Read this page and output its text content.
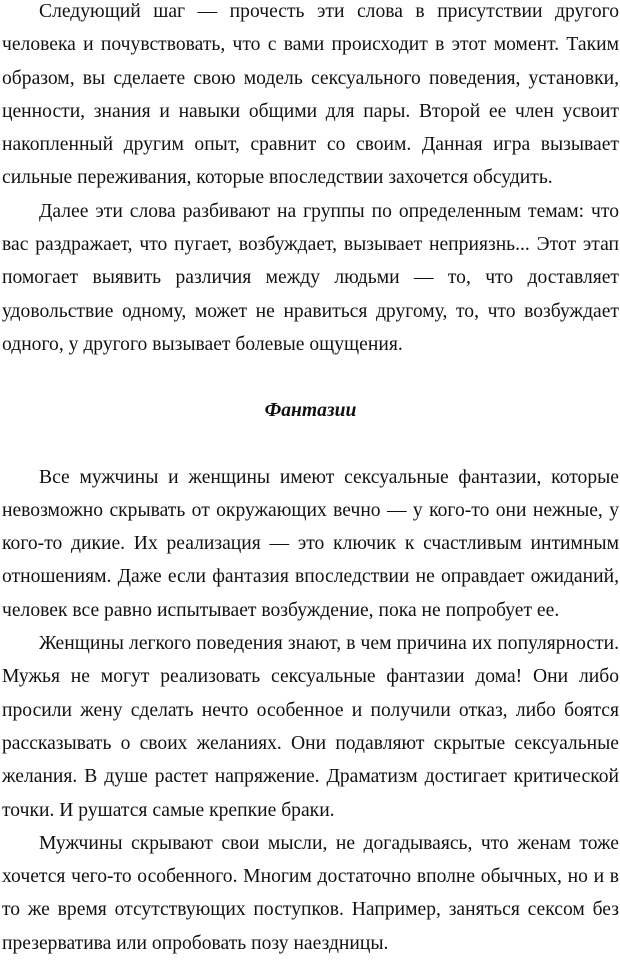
Следующий шаг — прочесть эти слова в присутствии другого человека и почувствовать, что с вами происходит в этот момент. Таким образом, вы сделаете свою модель сексуального поведения, установки, ценности, знания и навыки общими для пары. Второй ее член усвоит накопленный другим опыт, сравнит со своим. Данная игра вызывает сильные переживания, которые впоследствии захочется обсудить.

Далее эти слова разбивают на группы по определенным темам: что вас раздражает, что пугает, возбуждает, вызывает неприязнь... Этот этап помогает выявить различия между людьми — то, что доставляет удовольствие одному, может не нравиться другому, то, что возбуждает одного, у другого вызывает болевые ощущения.

Фантазии

Все мужчины и женщины имеют сексуальные фантазии, которые невозможно скрывать от окружающих вечно — у кого-то они нежные, у кого-то дикие. Их реализация — это ключик к счастливым интимным отношениям. Даже если фантазия впоследствии не оправдает ожиданий, человек все равно испытывает возбуждение, пока не попробует ее.

Женщины легкого поведения знают, в чем причина их популярности. Мужья не могут реализовать сексуальные фантазии дома! Они либо просили жену сделать нечто особенное и получили отказ, либо боятся рассказывать о своих желаниях. Они подавляют скрытые сексуальные желания. В душе растет напряжение. Драматизм достигает критической точки. И рушатся самые крепкие браки.

Мужчины скрывают свои мысли, не догадываясь, что женам тоже хочется чего-то особенного. Многим достаточно вполне обычных, но и в то же время отсутствующих поступков. Например, заняться сексом без презерватива или опробовать позу наездницы.
